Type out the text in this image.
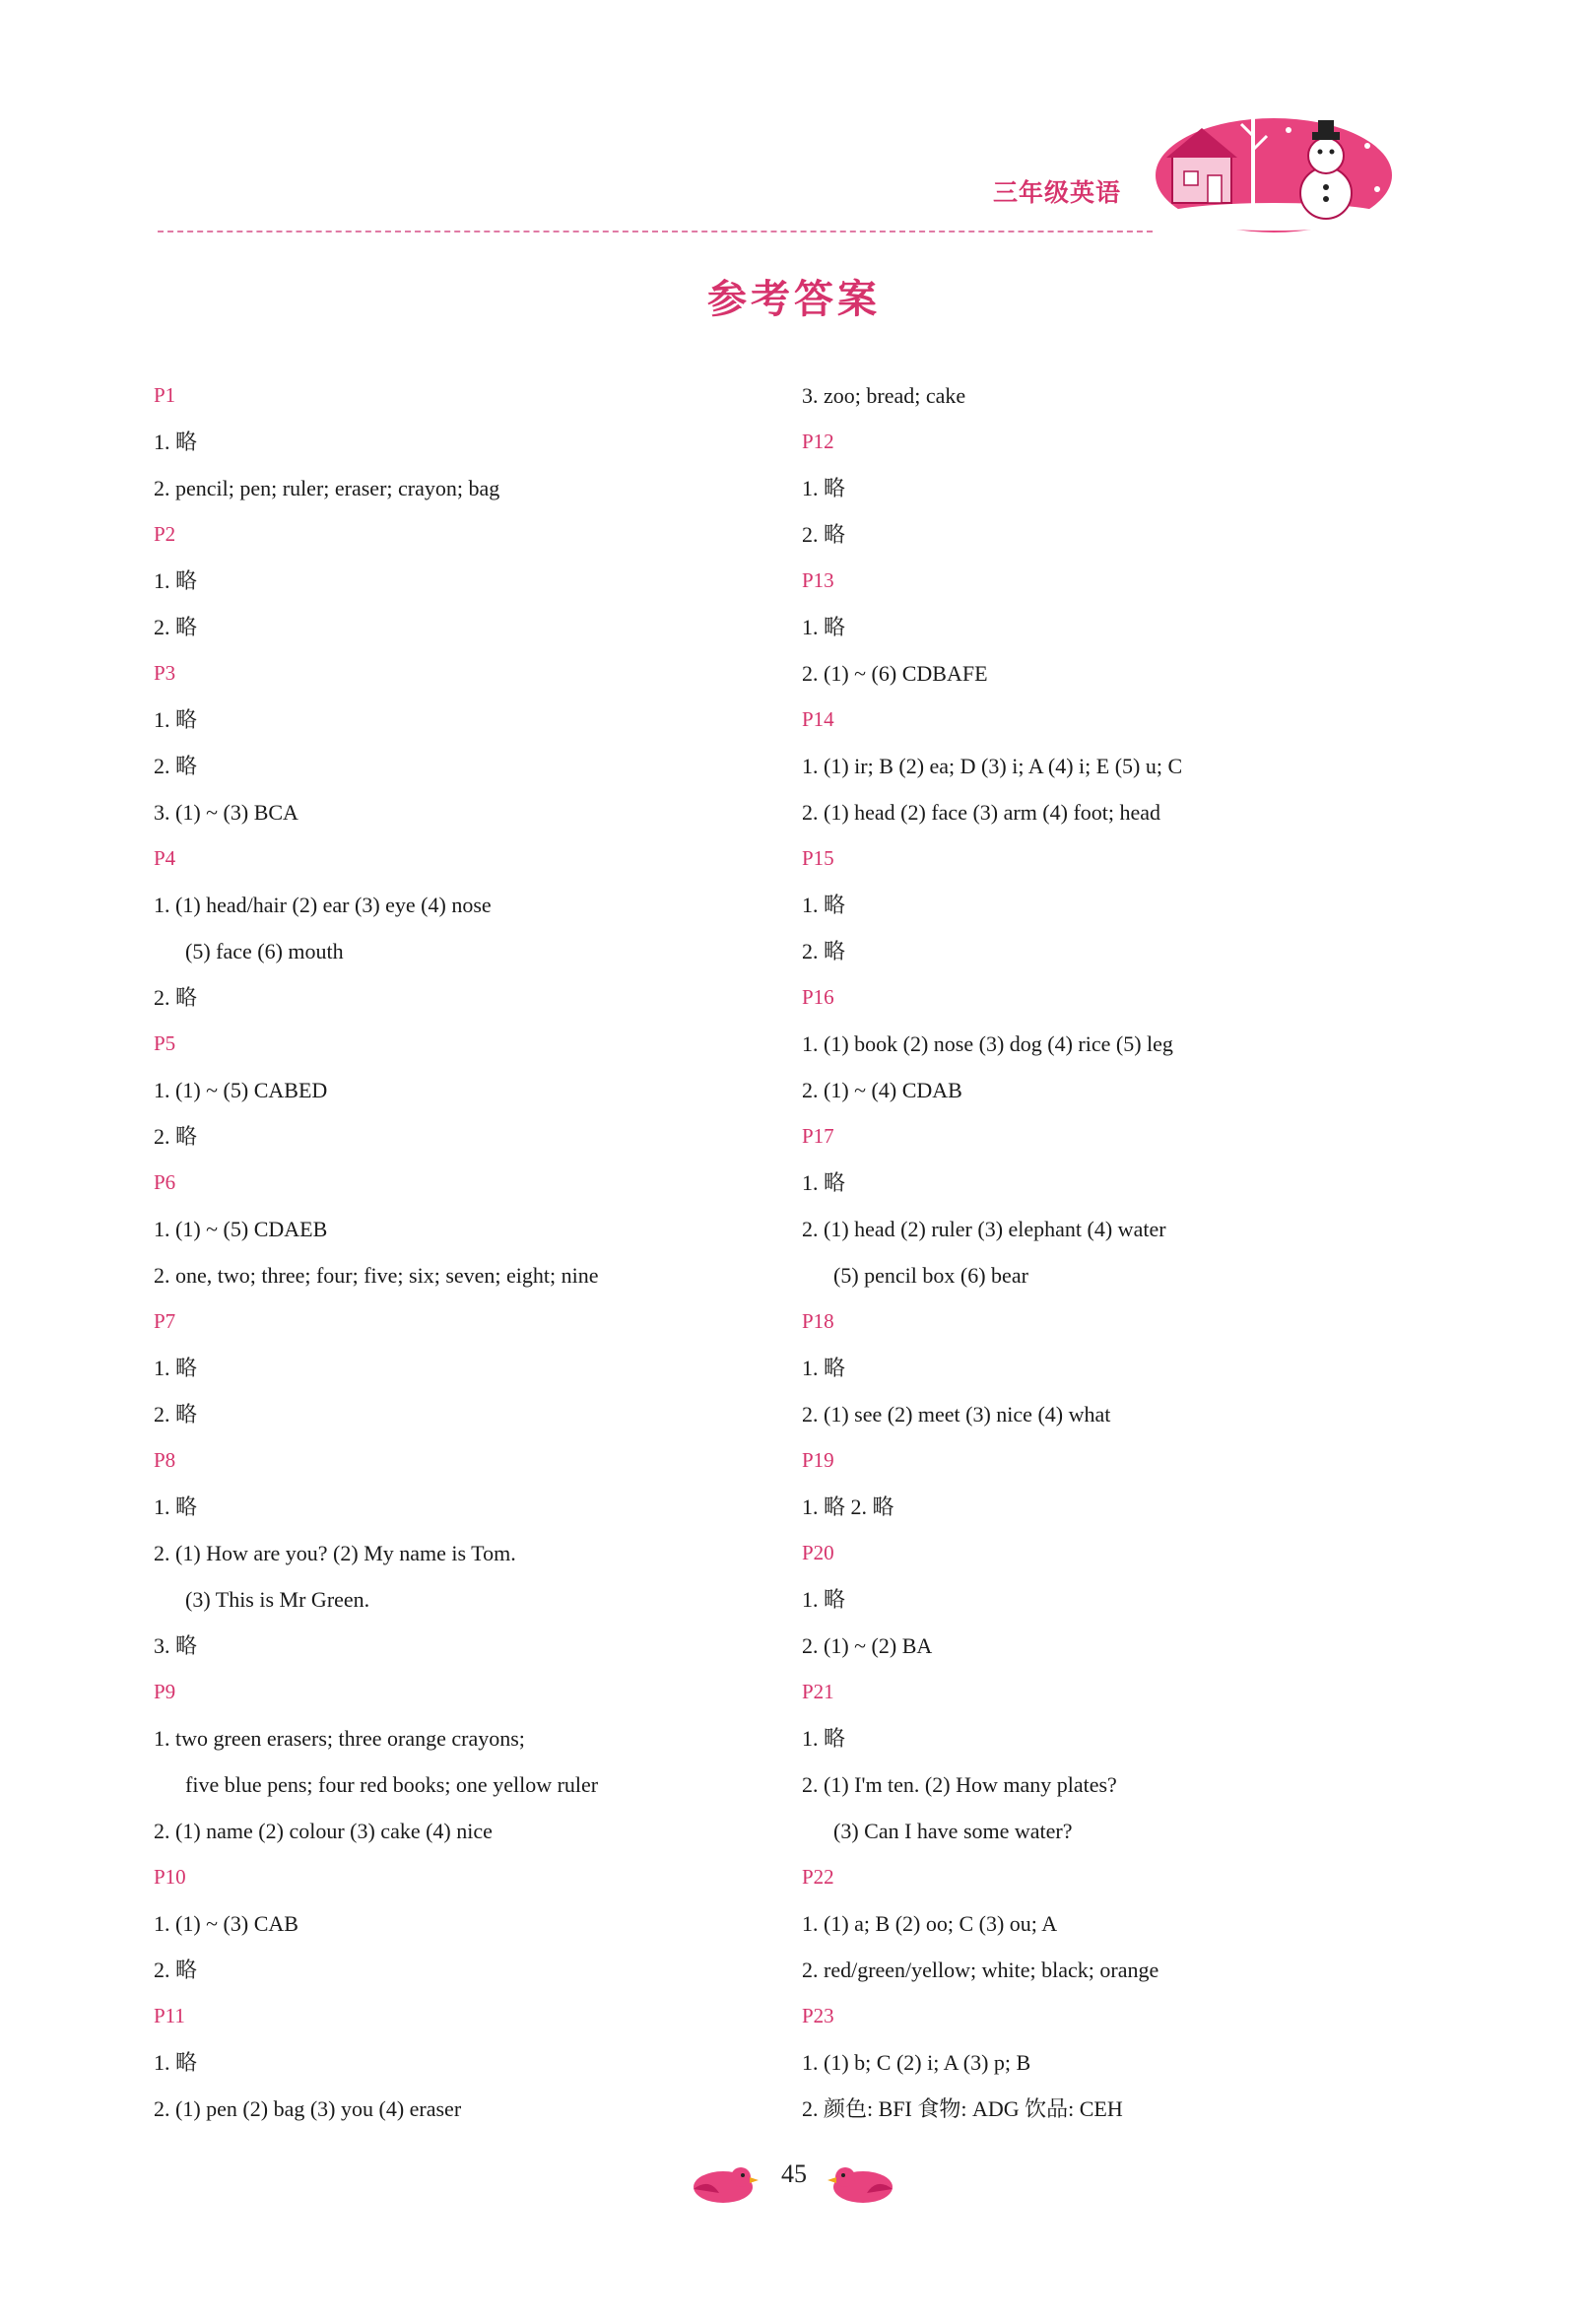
三年级英语
参考答案
P1
1. 略
2. pencil; pen; ruler; eraser; crayon; bag
P2
1. 略
2. 略
P3
1. 略
2. 略
3. (1) ~ (3) BCA
P4
1. (1) head/hair (2) ear (3) eye (4) nose
(5) face (6) mouth
2. 略
P5
1. (1) ~ (5) CABED
2. 略
P6
1. (1) ~ (5) CDAEB
2. one, two; three; four; five; six; seven; eight; nine
P7
1. 略
2. 略
P8
1. 略
2. (1) How are you? (2) My name is Tom.
(3) This is Mr Green.
3. 略
P9
1. two green erasers; three orange crayons;
five blue pens; four red books; one yellow ruler
2. (1) name (2) colour (3) cake (4) nice
P10
1. (1) ~ (3) CAB
2. 略
P11
1. 略
2. (1) pen (2) bag (3) you (4) eraser
3. zoo; bread; cake
P12
1. 略
2. 略
P13
1. 略
2. (1) ~ (6) CDBAFE
P14
1. (1) ir; B (2) ea; D (3) i; A (4) i; E (5) u; C
2. (1) head (2) face (3) arm (4) foot; head
P15
1. 略
2. 略
P16
1. (1) book (2) nose (3) dog (4) rice (5) leg
2. (1) ~ (4) CDAB
P17
1. 略
2. (1) head (2) ruler (3) elephant (4) water
(5) pencil box (6) bear
P18
1. 略
2. (1) see (2) meet (3) nice (4) what
P19
1. 略 2. 略
P20
1. 略
2. (1) ~ (2) BA
P21
1. 略
2. (1) I'm ten. (2) How many plates?
(3) Can I have some water?
P22
1. (1) a; B (2) oo; C (3) ou; A
2. red/green/yellow; white; black; orange
P23
1. (1) b; C (2) i; A (3) p; B
2. 颜色: BFI 食物: ADG 饮品: CEH
45
